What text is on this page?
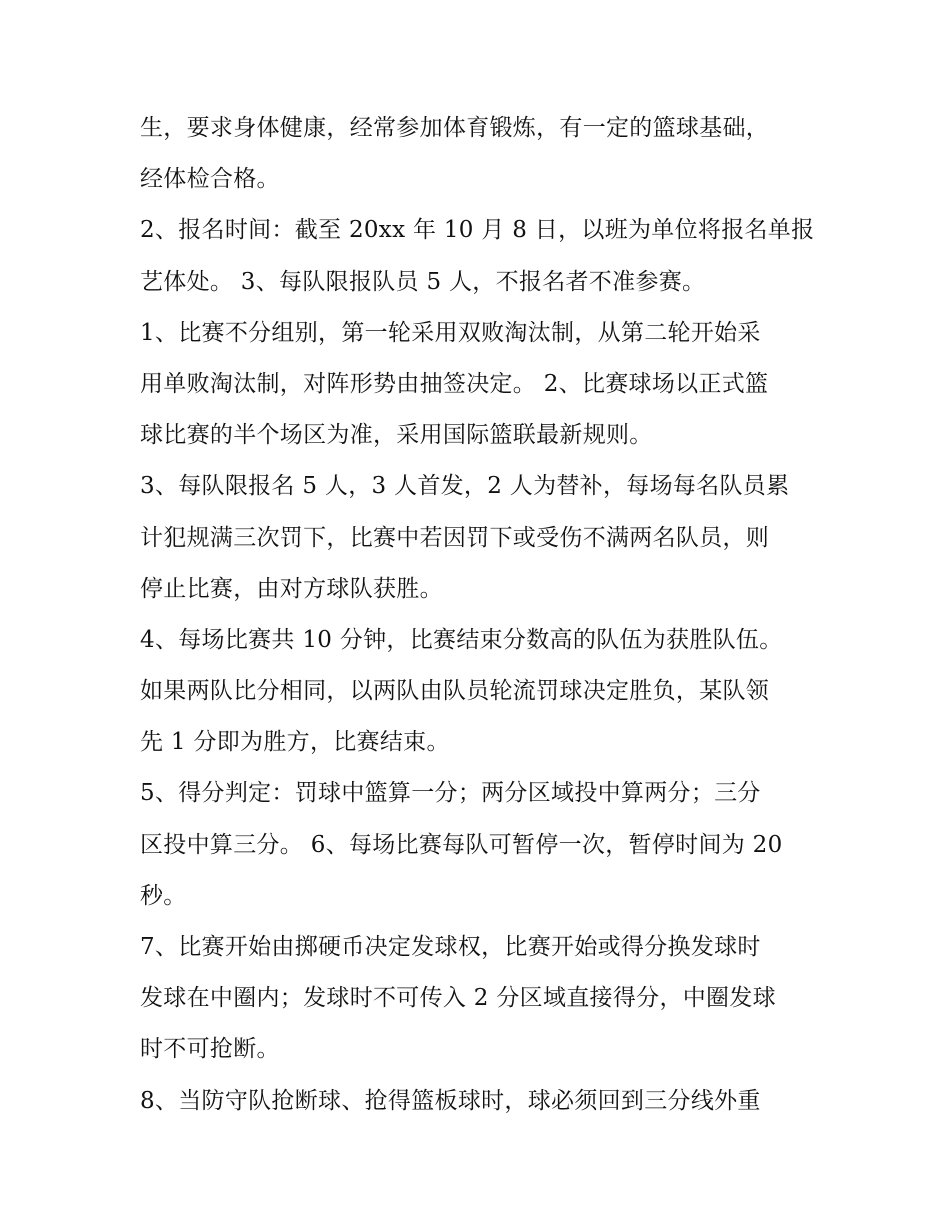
生，要求身体健康，经常参加体育锻炼，有一定的篮球基础，
经体检合格。
2、报名时间：截至 20xx 年 10 月 8 日，以班为单位将报名单报
艺体处。 3、每队限报队员 5 人，不报名者不准参赛。
1、比赛不分组别，第一轮采用双败淘汰制，从第二轮开始采
用单败淘汰制，对阵形势由抽签决定。 2、比赛球场以正式篮
球比赛的半个场区为准，采用国际篮联最新规则。
3、每队限报名 5 人，3 人首发，2 人为替补，每场每名队员累
计犯规满三次罚下，比赛中若因罚下或受伤不满两名队员，则
停止比赛，由对方球队获胜。
4、每场比赛共 10 分钟，比赛结束分数高的队伍为获胜队伍。
如果两队比分相同，以两队由队员轮流罚球决定胜负，某队领
先 1 分即为胜方，比赛结束。
5、得分判定：罚球中篮算一分；两分区域投中算两分；三分
区投中算三分。 6、每场比赛每队可暂停一次，暂停时间为 20
秒。
7、比赛开始由掷硬币决定发球权，比赛开始或得分换发球时
发球在中圈内；发球时不可传入 2 分区域直接得分，中圈发球
时不可抢断。
8、当防守队抢断球、抢得篮板球时，球必须回到三分线外重
